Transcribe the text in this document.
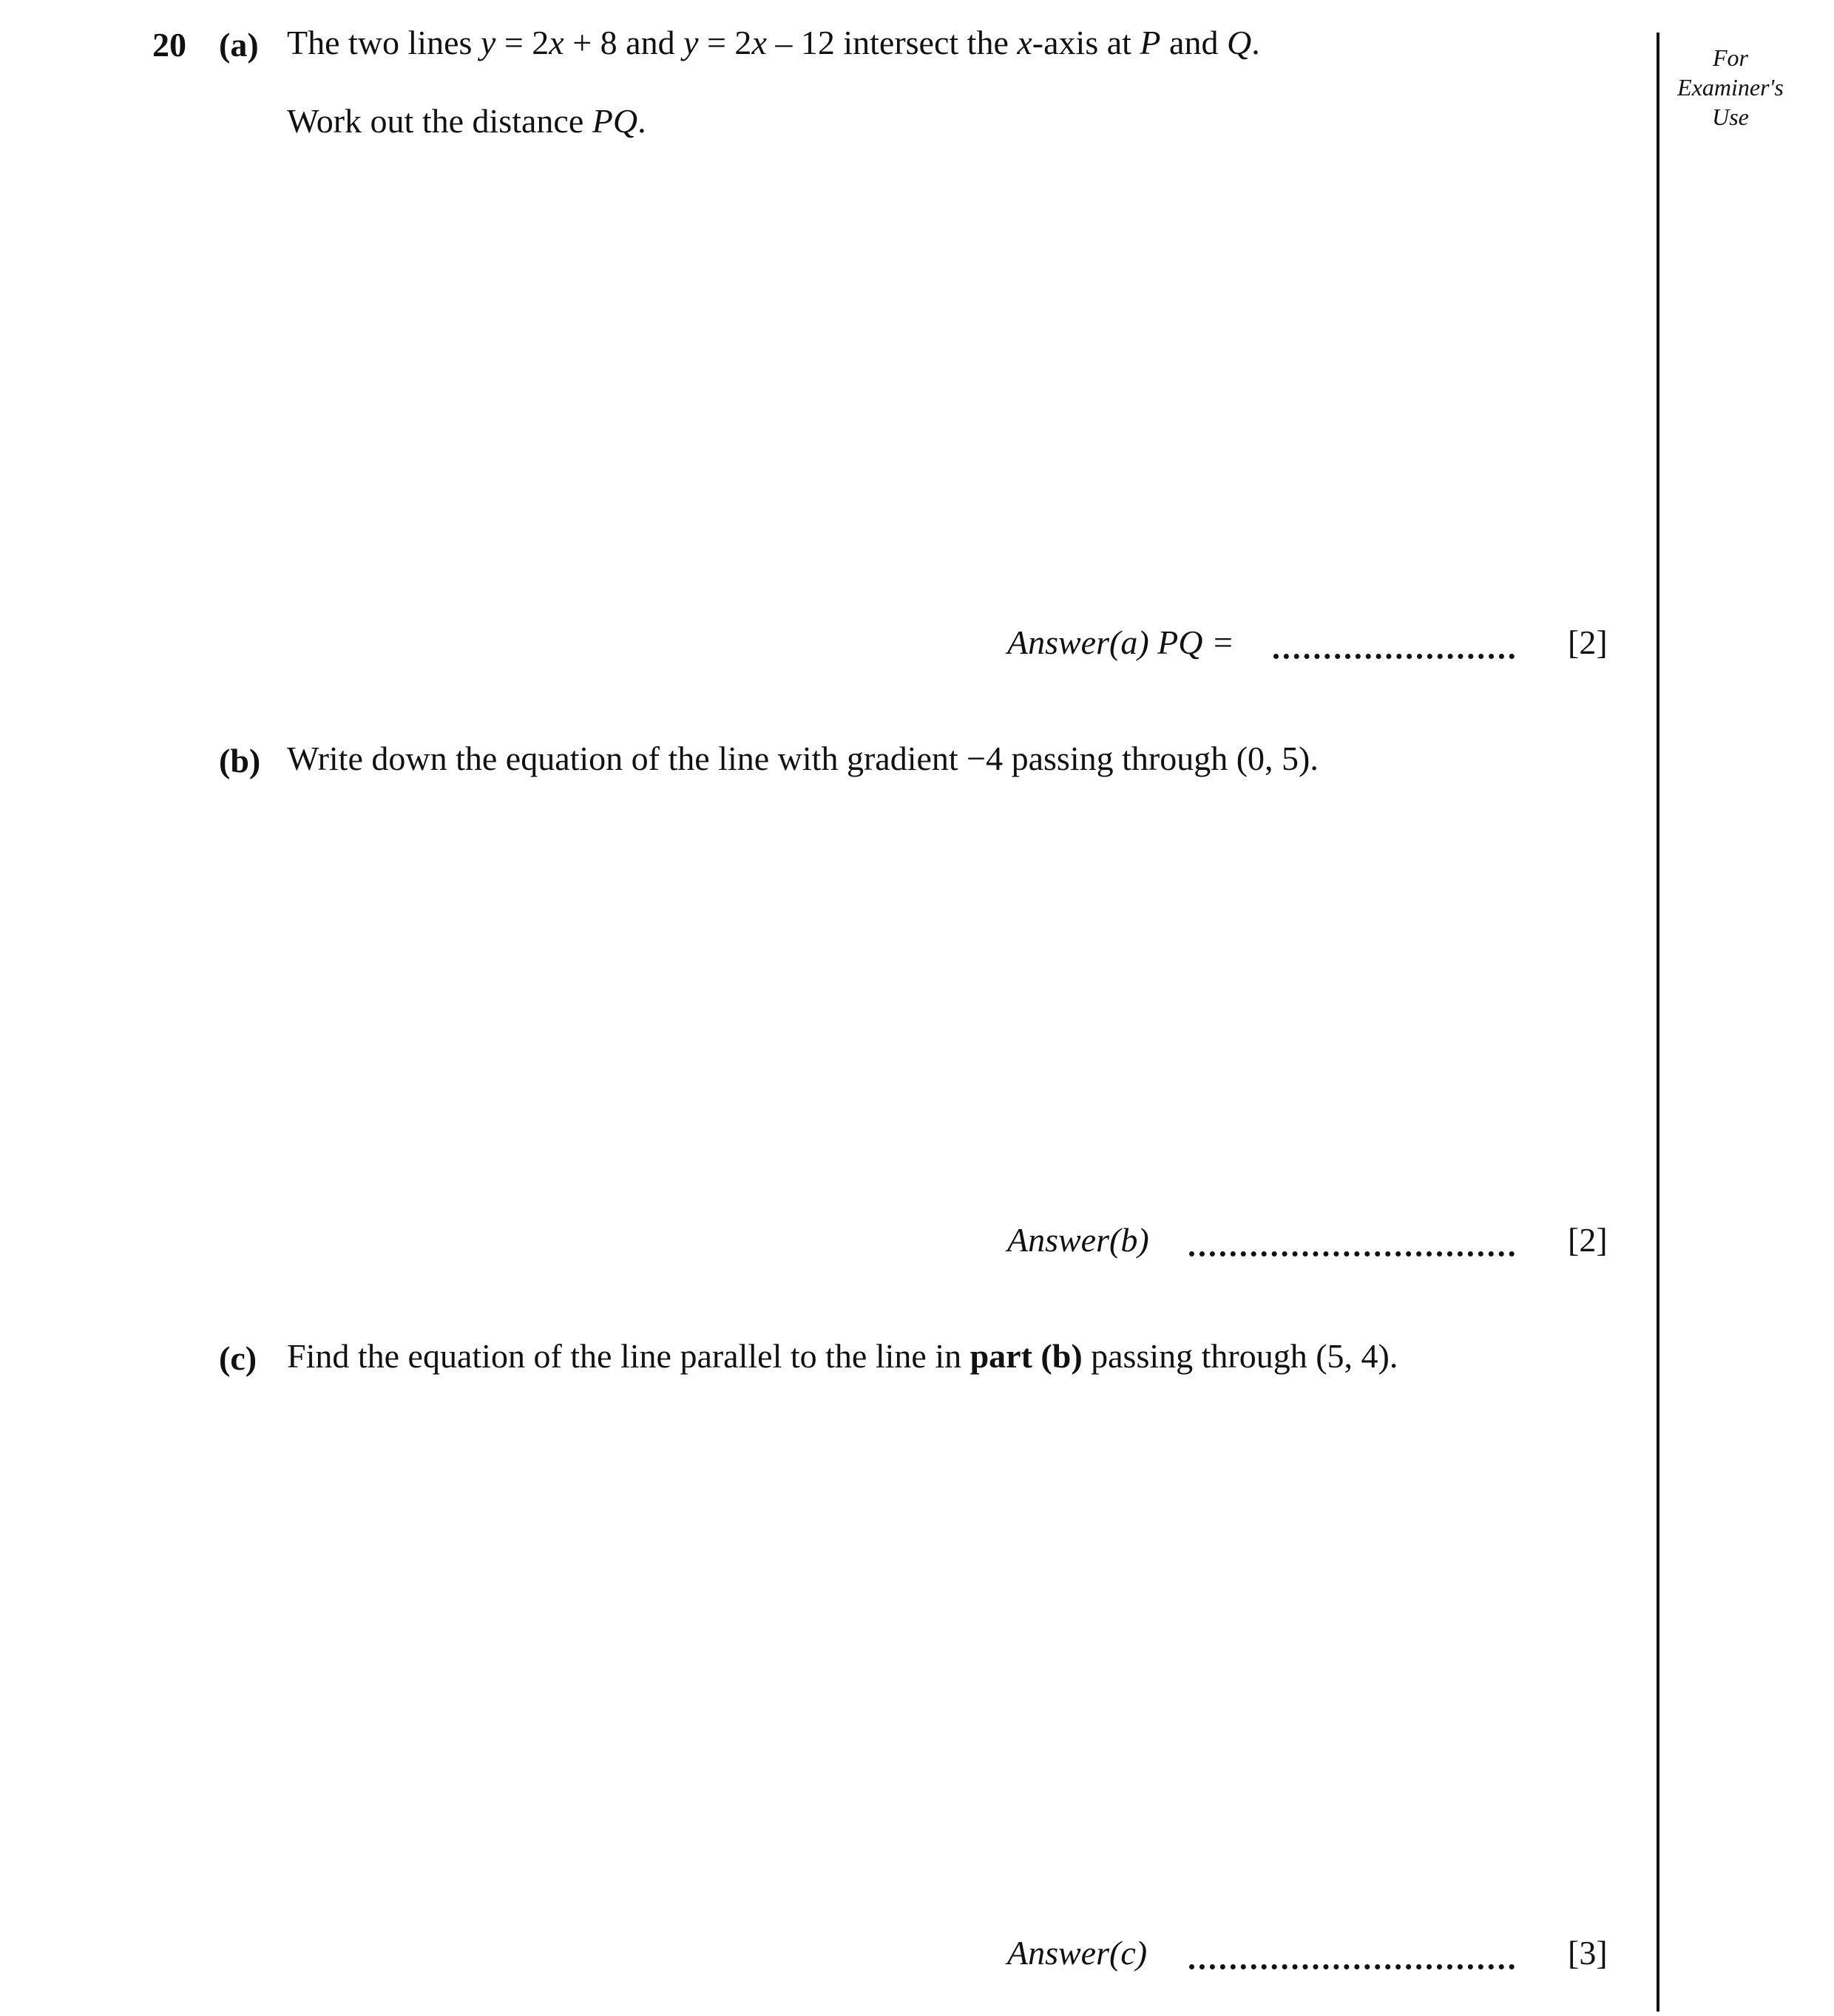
20 (a) The two lines y = 2x + 8 and y = 2x – 12 intersect the x-axis at P and Q.
Work out the distance PQ.
Answer(a) PQ =	[2]
(b) Write down the equation of the line with gradient −4 passing through (0, 5).
Answer(b)	[2]
(c) Find the equation of the line parallel to the line in part (b) passing through (5, 4).
Answer(c)	[3]
For
Examiner's
Use
